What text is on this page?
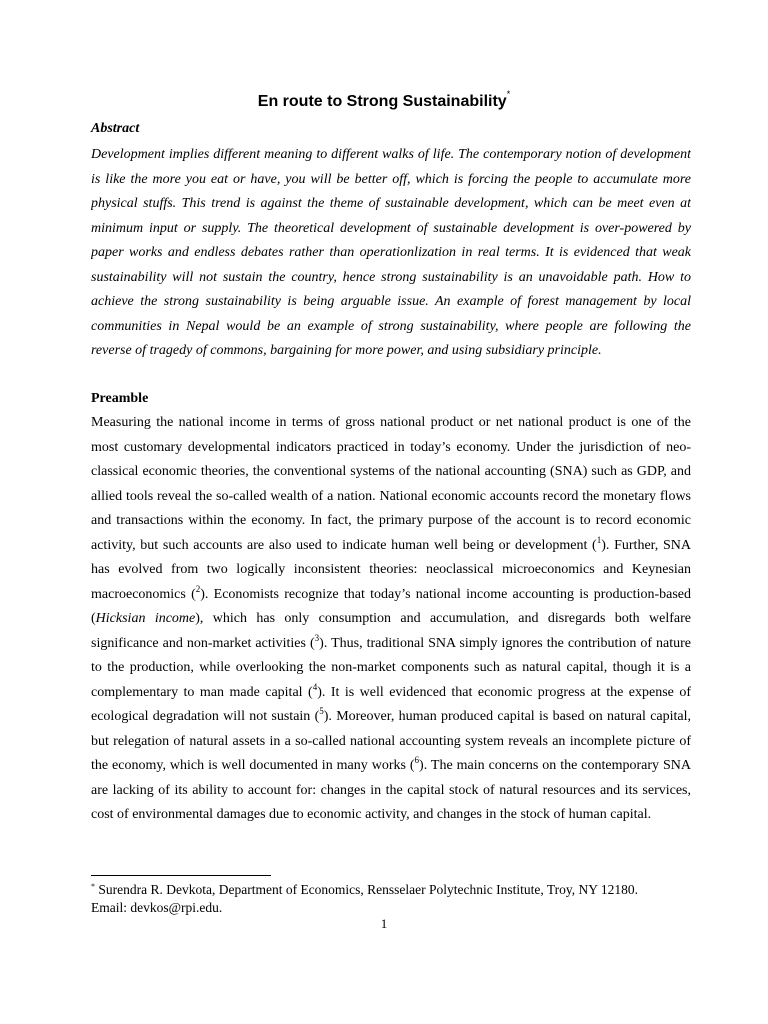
En route to Strong Sustainability*
Abstract
Development implies different meaning to different walks of life. The contemporary notion of development
is like the more you eat or have, you will be better off, which is forcing the people to accumulate more
physical stuffs. This trend is against the theme of sustainable development, which can be meet even at
minimum input or supply. The theoretical development of sustainable development is over-powered by
paper works and endless debates rather than operationlization in real terms. It is evidenced that weak
sustainability will not sustain the country, hence strong sustainability is an unavoidable path. How to
achieve the strong sustainability is being arguable issue. An example of forest management by local
communities in Nepal would be an example of strong sustainability, where people are following the
reverse of tragedy of commons, bargaining for more power, and using subsidiary principle.
Preamble
Measuring the national income in terms of gross national product or net national product is one of the
most customary developmental indicators practiced in today’s economy. Under the jurisdiction of neo-
classical economic theories, the conventional systems of the national accounting (SNA) such as GDP, and
allied tools reveal the so-called wealth of a nation. National economic accounts record the monetary flows
and transactions within the economy. In fact, the primary purpose of the account is to record economic
activity, but such accounts are also used to indicate human well being or development ($^1$). Further, SNA
has evolved from two logically inconsistent theories: neoclassical microeconomics and Keynesian
macroeconomics ($^2$). Economists recognize that today’s national income accounting is production-based
(Hicksian income), which has only consumption and accumulation, and disregards both welfare
significance and non-market activities ($^3$). Thus, traditional SNA simply ignores the contribution of nature
to the production, while overlooking the non-market components such as natural capital, though it is a
complementary to man made capital ($^4$). It is well evidenced that economic progress at the expense of
ecological degradation will not sustain ($^5$). Moreover, human produced capital is based on natural capital,
but relegation of natural assets in a so-called national accounting system reveals an incomplete picture of
the economy, which is well documented in many works ($^6$). The main concerns on the contemporary SNA
are lacking of its ability to account for: changes in the capital stock of natural resources and its services,
cost of environmental damages due to economic activity, and changes in the stock of human capital.
* Surendra R. Devkota, Department of Economics, Rensselaer Polytechnic Institute, Troy, NY 12180.
Email: devkos@rpi.edu.
1
